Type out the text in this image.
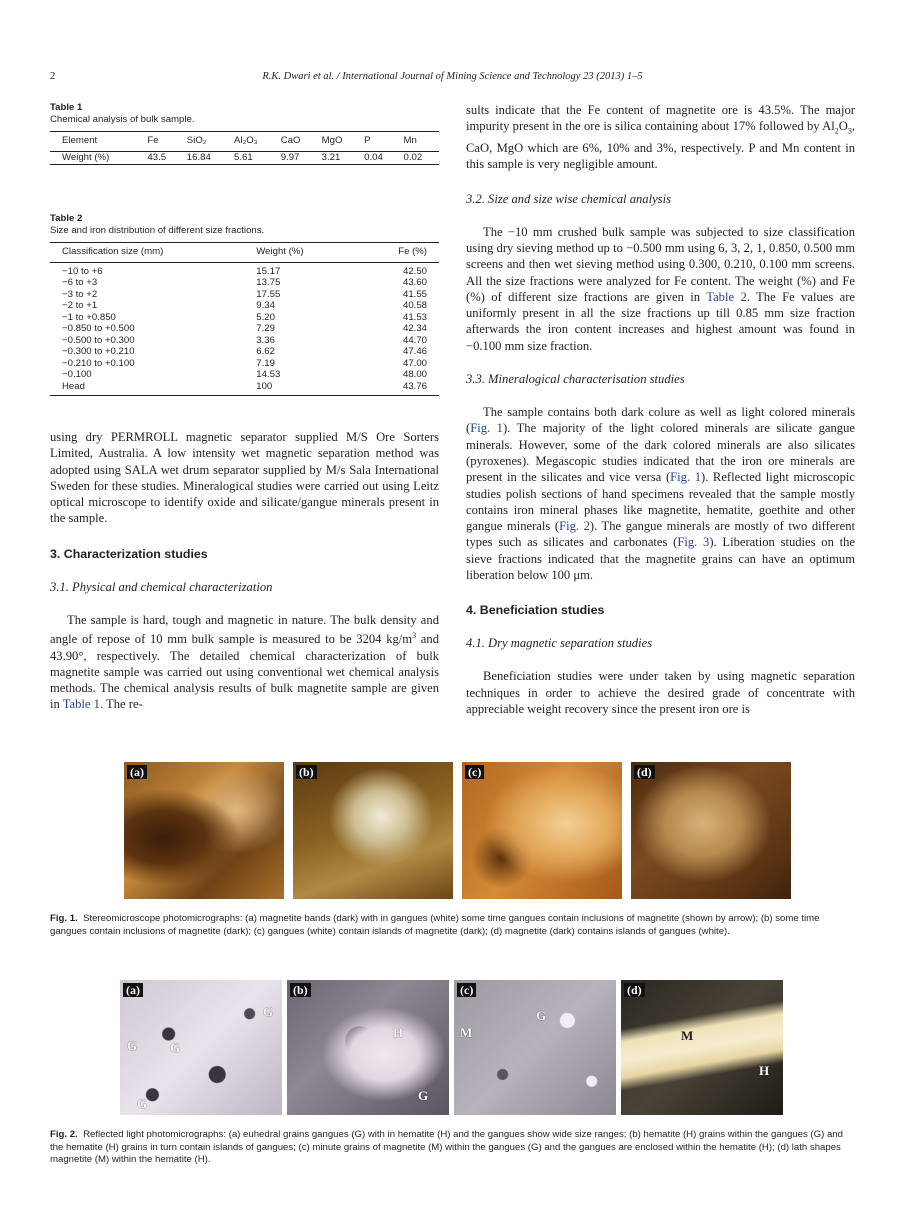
2	R.K. Dwari et al. / International Journal of Mining Science and Technology 23 (2013) 1–5
Table 1
Chemical analysis of bulk sample.
Element	Fe	SiO₂	Al₂O₃	CaO	MgO	P	Mn
Weight (%)	43.5	16.84	5.61	9.97	3.21	0.04	0.02
Table 2
Size and iron distribution of different size fractions.
Classification size (mm)	Weight (%)	Fe (%)
−10 to +6	15.17	42.50
−6 to +3	13.75	43.60
−3 to +2	17.55	41.55
−2 to +1	9.34	40.58
−1 to +0.850	5.20	41.53
−0.850 to +0.500	7.29	42.34
−0.500 to +0.300	3.36	44.70
−0.300 to +0.210	6.62	47.46
−0.210 to +0.100	7.19	47.00
−0.100	14.53	48.00
Head	100	43.76

using dry PERMROLL magnetic separator supplied M/S Ore Sorters Limited, Australia. A low intensity wet magnetic separation method was adopted using SALA wet drum separator supplied by M/s Sala International Sweden for these studies. Mineralogical studies were carried out using Leitz optical microscope to identify oxide and silicate/gangue minerals present in the sample.

3. Characterization studies
3.1. Physical and chemical characterization

The sample is hard, tough and magnetic in nature. The bulk density and angle of repose of 10 mm bulk sample is measured to be 3204 $kg/m^3$ and 43.90°, respectively. The detailed chemical characterization of bulk magnetite sample was carried out using conventional wet chemical analysis methods. The chemical analysis results of bulk magnetite sample are given in Table 1. The re-

sults indicate that the Fe content of magnetite ore is 43.5%. The major impurity present in the ore is silica containing about 17% followed by $Al_2O_3$, CaO, MgO which are 6%, 10% and 3%, respectively. P and Mn content in this sample is very negligible amount.

3.2. Size and size wise chemical analysis

The −10 mm crushed bulk sample was subjected to size classification using dry sieving method up to −0.500 mm using 6, 3, 2, 1, 0.850, 0.500 mm screens and then wet sieving method using 0.300, 0.210, 0.100 mm screens. All the size fractions were analyzed for Fe content. The weight (%) and Fe (%) of different size fractions are given in Table 2. The Fe values are uniformly present in all the size fractions up till 0.85 mm size fraction afterwards the iron content increases and highest amount was found in −0.100 mm size fraction.

3.3. Mineralogical characterisation studies

The sample contains both dark colure as well as light colored minerals (Fig. 1). The majority of the light colored minerals are silicate gangue minerals. However, some of the dark colored minerals are also silicates (pyroxenes). Megascopic studies indicated that the iron ore minerals are present in the silicates and vice versa (Fig. 1). Reflected light microscopic studies polish sections of hand specimens revealed that the sample mostly contains iron mineral phases like magnetite, hematite, goethite and other gangue minerals (Fig. 2). The gangue minerals are mostly of two different types such as silicates and carbonates (Fig. 3). Liberation studies on the sieve fractions indicated that the magnetite grains can have an optimum liberation below 100 μm.

4. Beneficiation studies
4.1. Dry magnetic separation studies

Beneficiation studies were under taken by using magnetic separation techniques in order to achieve the desired grade of concentrate with appreciable weight recovery since the present iron ore is

(a)	(b)	(c)	(d)
Fig. 1. Stereomicroscope photomicrographs: (a) magnetite bands (dark) with in gangues (white) some time gangues contain inclusions of magnetite (shown by arrow); (b) some time gangues contain inclusions of magnetite (dark); (c) gangues (white) contain islands of magnetite (dark); (d) magnetite (dark) contains islands of gangues (white).
(a)
G
G	G
G
(b)
H
G
(c)
M
G
(d)
M
H
Fig. 2. Reflected light photomicrographs: (a) euhedral grains gangues (G) with in hematite (H) and the gangues show wide size ranges; (b) hematite (H) grains within the gangues (G) and the hematite (H) grains in turn contain islands of gangues; (c) minute grains of magnetite (M) within the gangues (G) and the gangues are enclosed within the hematite (H); (d) lath shapes magnetite (M) within the hematite (H).
